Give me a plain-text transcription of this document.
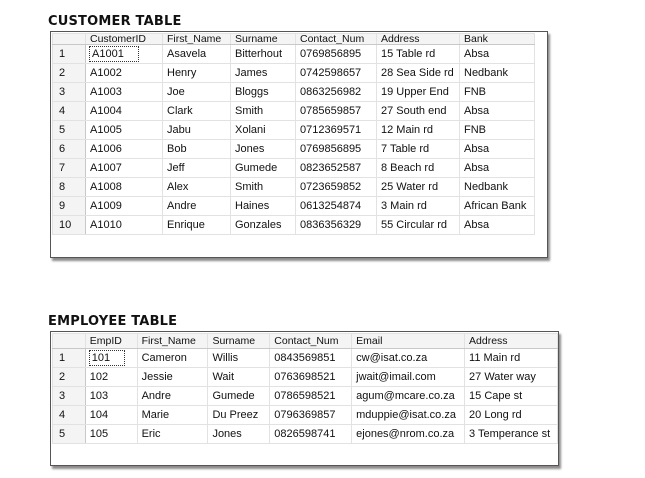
CUSTOMER TABLE
	CustomerID	First_Name	Surname	Contact_Num	Address	Bank
1	A1001	Asavela	Bitterhout	0769856895	15 Table rd	Absa
2	A1002	Henry	James	0742598657	28 Sea Side rd	Nedbank
3	A1003	Joe	Bloggs	0863256982	19 Upper End	FNB
4	A1004	Clark	Smith	0785659857	27 South end	Absa
5	A1005	Jabu	Xolani	0712369571	12 Main rd	FNB
6	A1006	Bob	Jones	0769856895	7 Table rd	Absa
7	A1007	Jeff	Gumede	0823652587	8 Beach rd	Absa
8	A1008	Alex	Smith	0723659852	25 Water rd	Nedbank
9	A1009	Andre	Haines	0613254874	3 Main rd	African Bank
10	A1010	Enrique	Gonzales	0836356329	55 Circular rd	Absa
EMPLOYEE TABLE
	EmpID	First_Name	Surname	Contact_Num	Email	Address
1	101	Cameron	Willis	0843569851	cw@isat.co.za	11 Main rd
2	102	Jessie	Wait	0763698521	jwait@imail.com	27 Water way
3	103	Andre	Gumede	0786598521	agum@mcare.co.za	15 Cape st
4	104	Marie	Du Preez	0796369857	mduppie@isat.co.za	20 Long rd
5	105	Eric	Jones	0826598741	ejones@nrom.co.za	3 Temperance st
